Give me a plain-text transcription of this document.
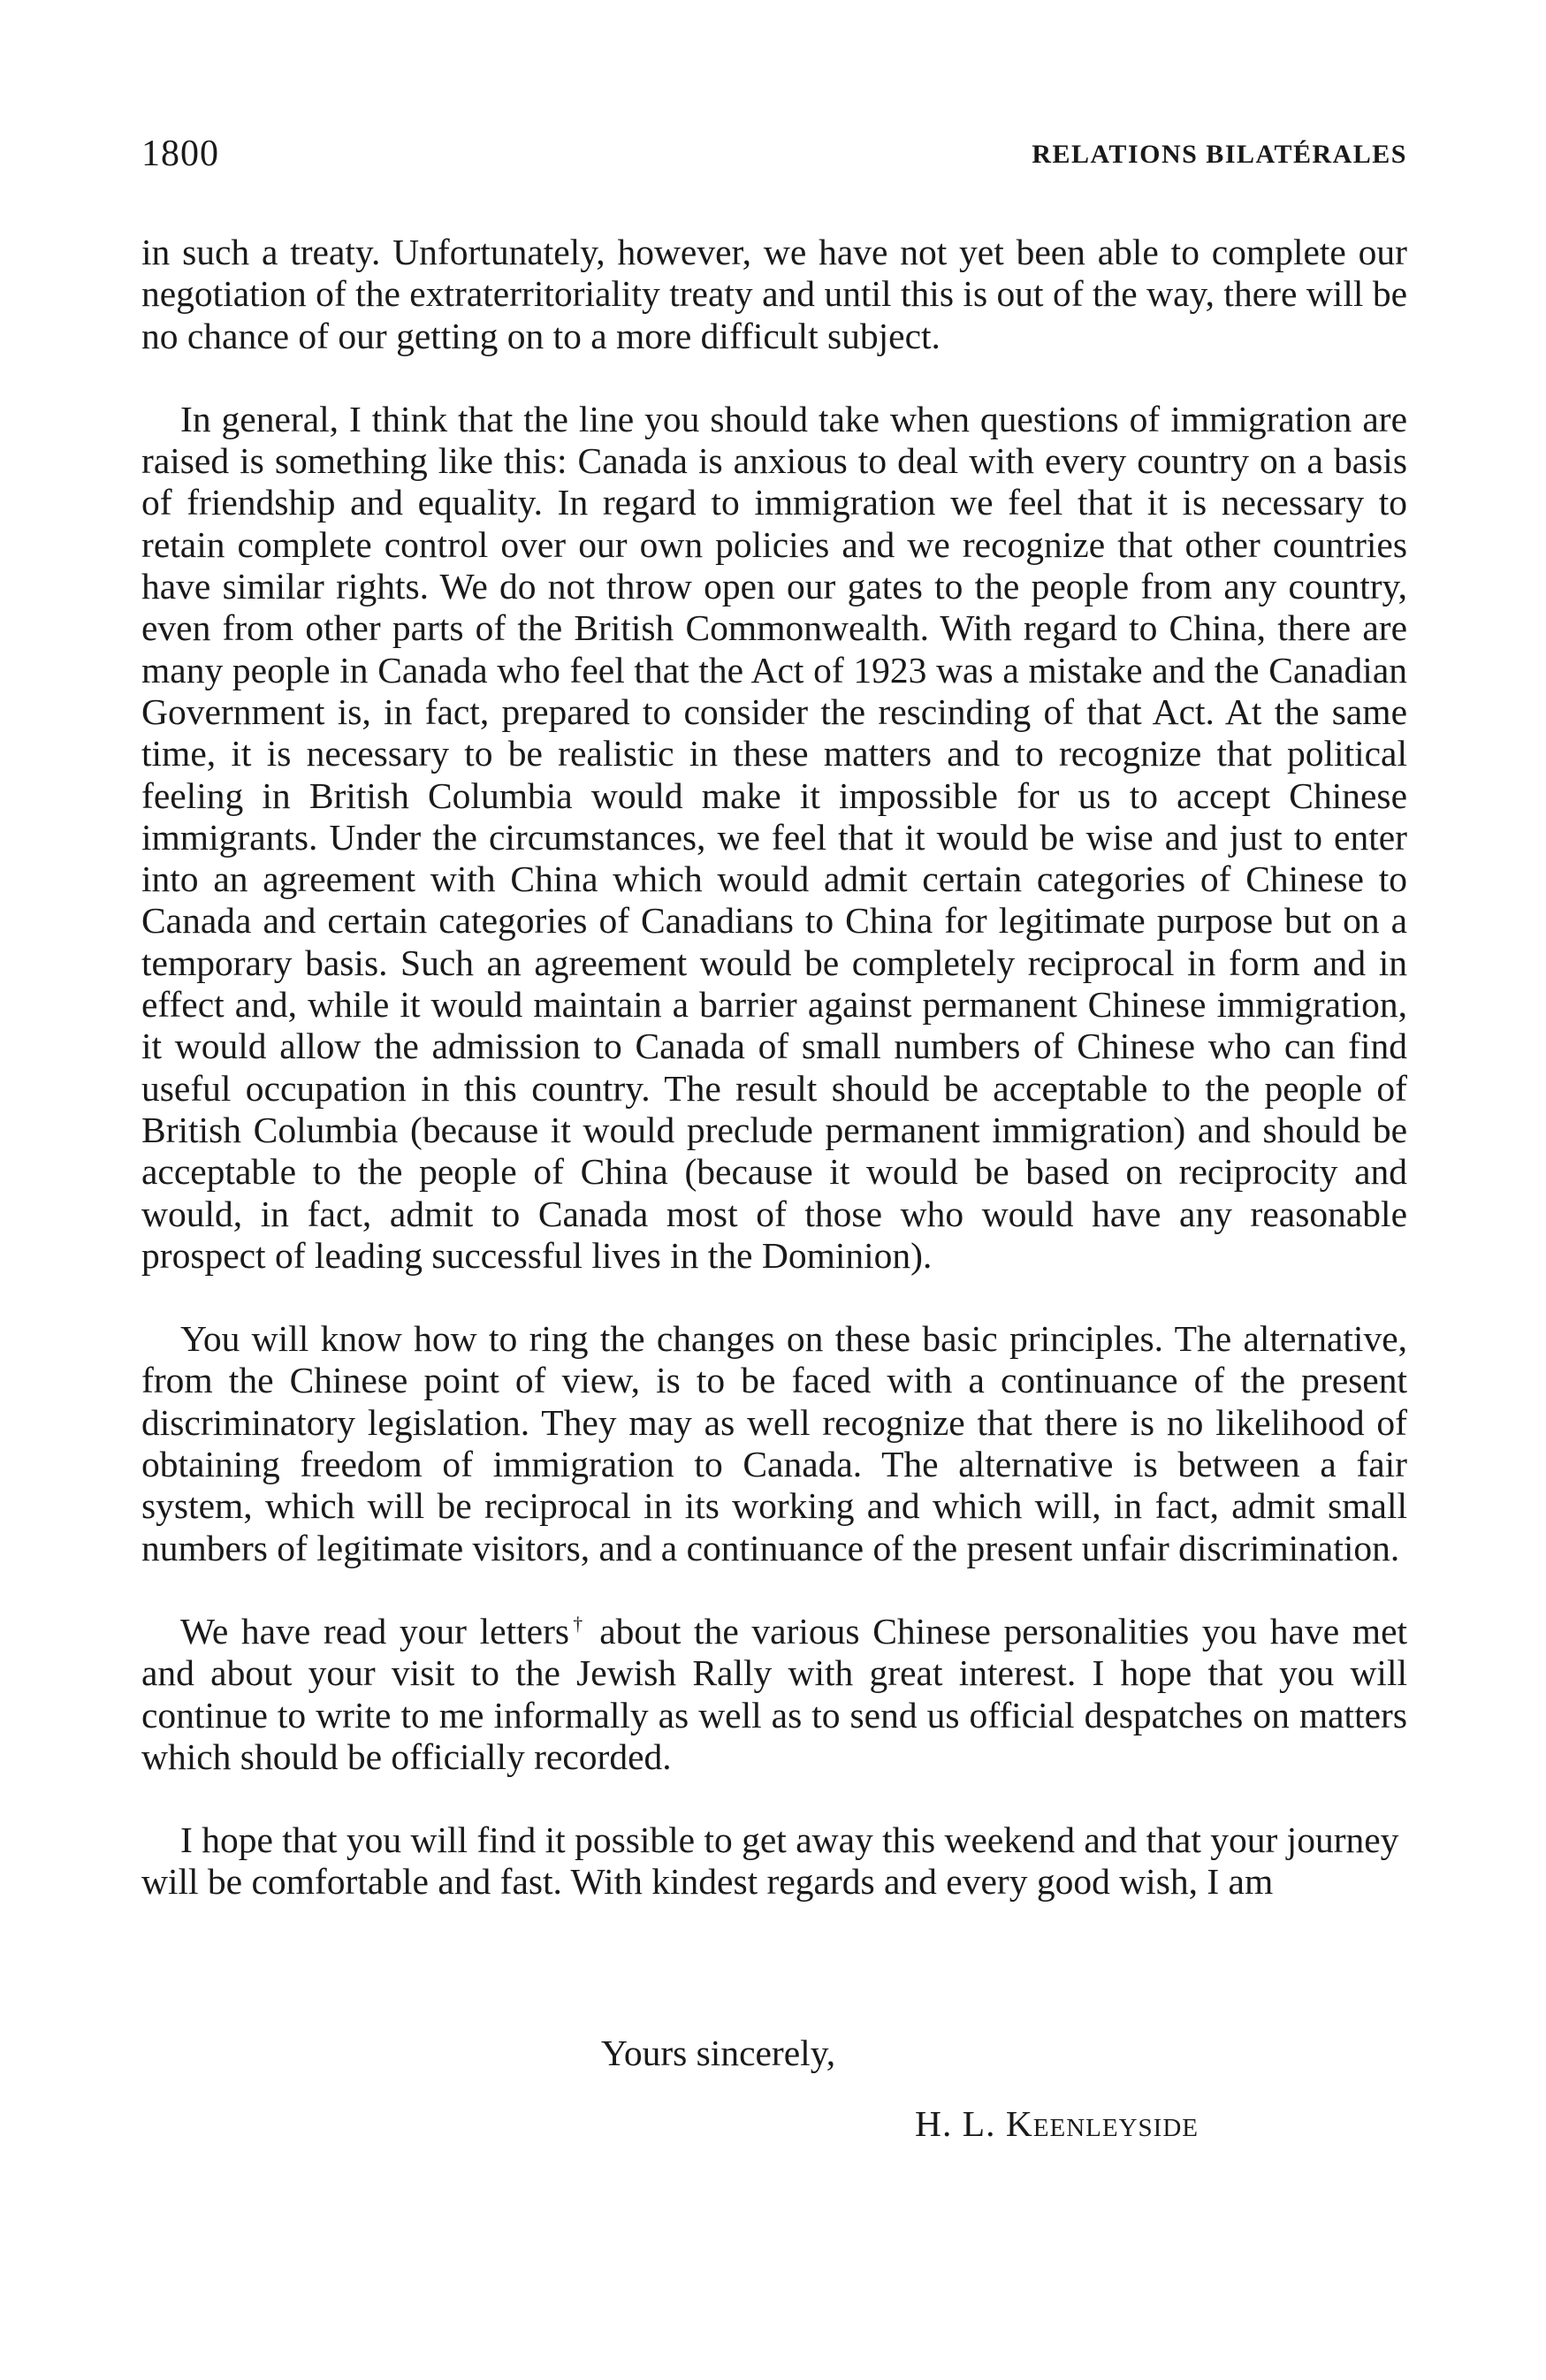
1800	RELATIONS BILATÉRALES

in such a treaty. Unfortunately, however, we have not yet been able to complete our negotiation of the extraterritoriality treaty and until this is out of the way, there will be no chance of our getting on to a more difficult subject.

In general, I think that the line you should take when questions of immigration are raised is something like this: Canada is anxious to deal with every country on a basis of friendship and equality. In regard to immigration we feel that it is necessary to retain complete control over our own policies and we recognize that other countries have similar rights. We do not throw open our gates to the people from any country, even from other parts of the British Commonwealth. With regard to China, there are many people in Canada who feel that the Act of 1923 was a mistake and the Canadian Government is, in fact, prepared to consider the rescinding of that Act. At the same time, it is necessary to be realistic in these matters and to recognize that political feeling in British Columbia would make it impossible for us to accept Chinese immigrants. Under the circumstances, we feel that it would be wise and just to enter into an agreement with China which would admit certain categories of Chinese to Canada and certain categories of Canadians to China for legitimate purpose but on a temporary basis. Such an agreement would be completely reciprocal in form and in effect and, while it would maintain a barrier against permanent Chinese immigration, it would allow the admission to Canada of small numbers of Chinese who can find useful occupation in this country. The result should be acceptable to the people of British Columbia (because it would preclude permanent immigration) and should be acceptable to the people of China (because it would be based on reciprocity and would, in fact, admit to Canada most of those who would have any reasonable prospect of leading successful lives in the Dominion).

You will know how to ring the changes on these basic principles. The alternative, from the Chinese point of view, is to be faced with a continuance of the present discriminatory legislation. They may as well recognize that there is no likelihood of obtaining freedom of immigration to Canada. The alternative is between a fair system, which will be reciprocal in its working and which will, in fact, admit small numbers of legitimate visitors, and a continuance of the present unfair discrimination.

We have read your letters† about the various Chinese personalities you have met and about your visit to the Jewish Rally with great interest. I hope that you will continue to write to me informally as well as to send us official despatches on matters which should be officially recorded.

I hope that you will find it possible to get away this weekend and that your journey will be comfortable and fast. With kindest regards and every good wish, I am

Yours sincerely,
H. L. Keenleyside
